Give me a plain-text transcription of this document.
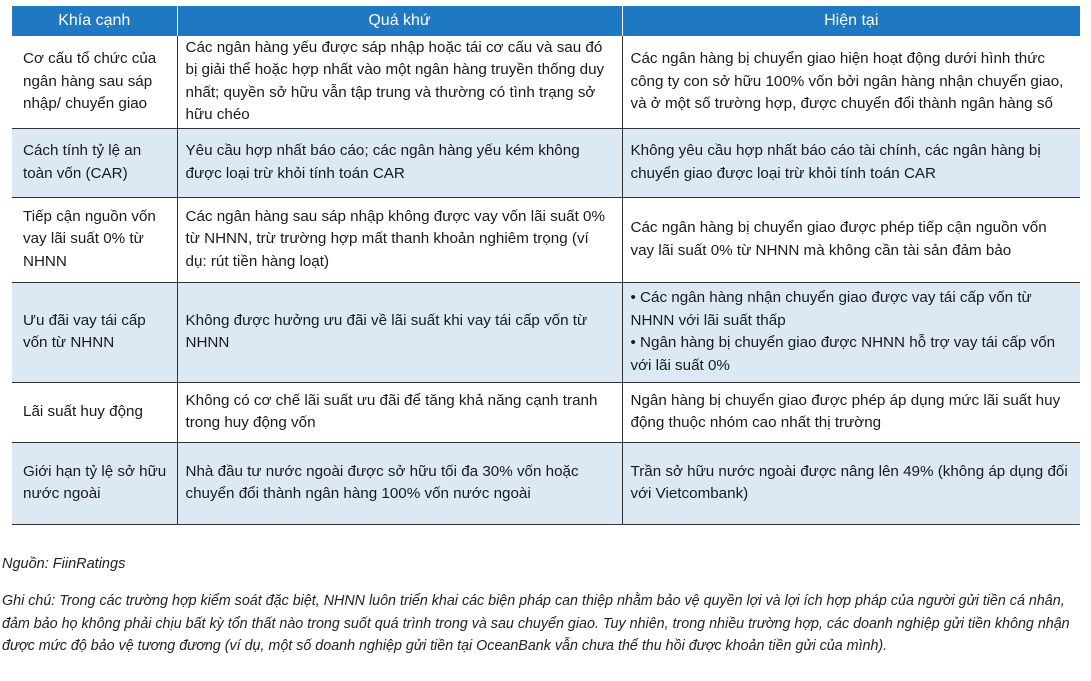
Khía cạnh	Quá khứ	Hiện tại
Cơ cấu tổ chức của ngân hàng sau sáp nhập/ chuyển giao	Các ngân hàng yếu được sáp nhập hoặc tái cơ cấu và sau đó bị giải thể hoặc hợp nhất vào một ngân hàng truyền thống duy nhất; quyền sở hữu vẫn tập trung và thường có tình trạng sở hữu chéo	Các ngân hàng bị chuyển giao hiện hoạt động dưới hình thức công ty con sở hữu 100% vốn bởi ngân hàng nhận chuyển giao, và ở một số trường hợp, được chuyển đổi thành ngân hàng số
Cách tính tỷ lệ an toàn vốn (CAR)	Yêu cầu hợp nhất báo cáo; các ngân hàng yếu kém không được loại trừ khỏi tính toán CAR	Không yêu cầu hợp nhất báo cáo tài chính, các ngân hàng bị chuyển giao được loại trừ khỏi tính toán CAR
Tiếp cận nguồn vốn vay lãi suất 0% từ NHNN	Các ngân hàng sau sáp nhập không được vay vốn lãi suất 0% từ NHNN, trừ trường hợp mất thanh khoản nghiêm trọng (ví dụ: rút tiền hàng loạt)	Các ngân hàng bị chuyển giao được phép tiếp cận nguồn vốn vay lãi suất 0% từ NHNN mà không cần tài sản đảm bảo
Ưu đãi vay tái cấp vốn từ NHNN	Không được hưởng ưu đãi về lãi suất khi vay tái cấp vốn từ NHNN	• Các ngân hàng nhận chuyển giao được vay tái cấp vốn từ NHNN với lãi suất thấp
• Ngân hàng bị chuyển giao được NHNN hỗ trợ vay tái cấp vốn với lãi suất 0%

Lãi suất huy động	Không có cơ chế lãi suất ưu đãi để tăng khả năng cạnh tranh trong huy động vốn	Ngân hàng bị chuyển giao được phép áp dụng mức lãi suất huy động thuộc nhóm cao nhất thị trường
Giới hạn tỷ lệ sở hữu nước ngoài	Nhà đầu tư nước ngoài được sở hữu tối đa 30% vốn hoặc chuyển đổi thành ngân hàng 100% vốn nước ngoài	Trần sở hữu nước ngoài được nâng lên 49% (không áp dụng đối với Vietcombank)
Nguồn: FiinRatings
Ghi chú: Trong các trường hợp kiểm soát đặc biệt, NHNN luôn triển khai các biện pháp can thiệp nhằm bảo vệ quyền lợi và lợi ích hợp pháp của người gửi tiền cá nhân, đảm bảo họ không phải chịu bất kỳ tổn thất nào trong suốt quá trình trong và sau chuyển giao. Tuy nhiên, trong nhiều trường hợp, các doanh nghiệp gửi tiền không nhận được mức độ bảo vệ tương đương (ví dụ, một số doanh nghiệp gửi tiền tại OceanBank vẫn chưa thể thu hồi được khoản tiền gửi của mình).
